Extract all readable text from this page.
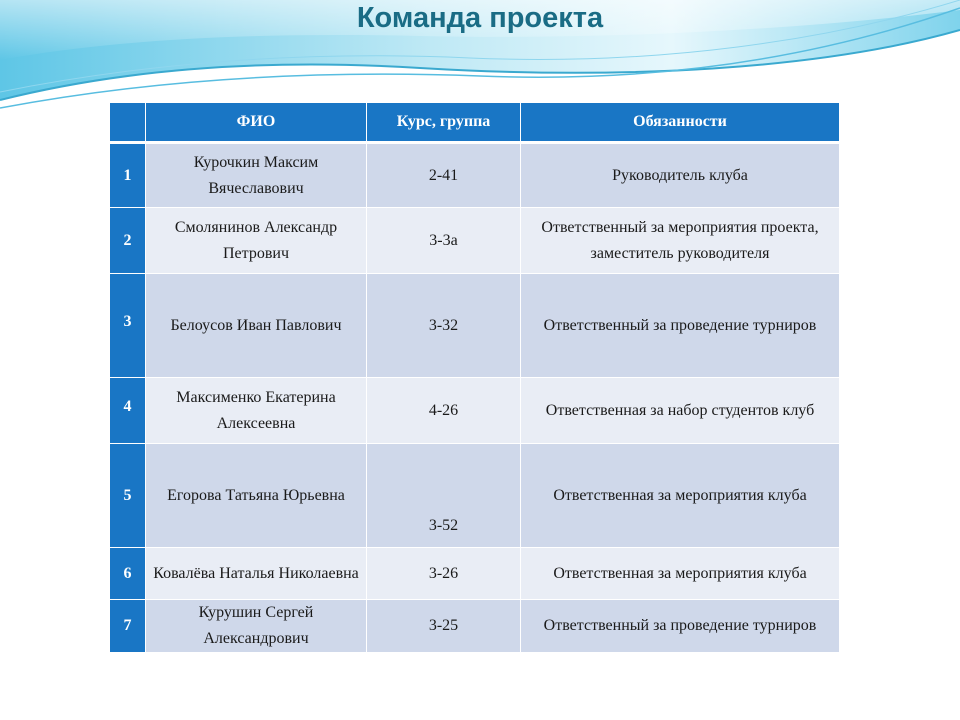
Команда проекта
	ФИО	Курс, группа	Обязанности
1	Курочкин Максим Вячеславович	2-41	Руководитель клуба
2	Смолянинов Александр Петрович	3-3а	Ответственный за мероприятия проекта, заместитель руководителя
3	Белоусов Иван Павлович	3-32	Ответственный за проведение турниров
4	Максименко Екатерина Алексеевна	4-26	Ответственная за набор студентов клуб
5	Егорова Татьяна Юрьевна	3-52	Ответственная за мероприятия клуба
6	Ковалёва Наталья Николаевна	3-26	Ответственная за мероприятия клуба
7	Курушин Сергей Александрович	3-25	Ответственный за проведение турниров
